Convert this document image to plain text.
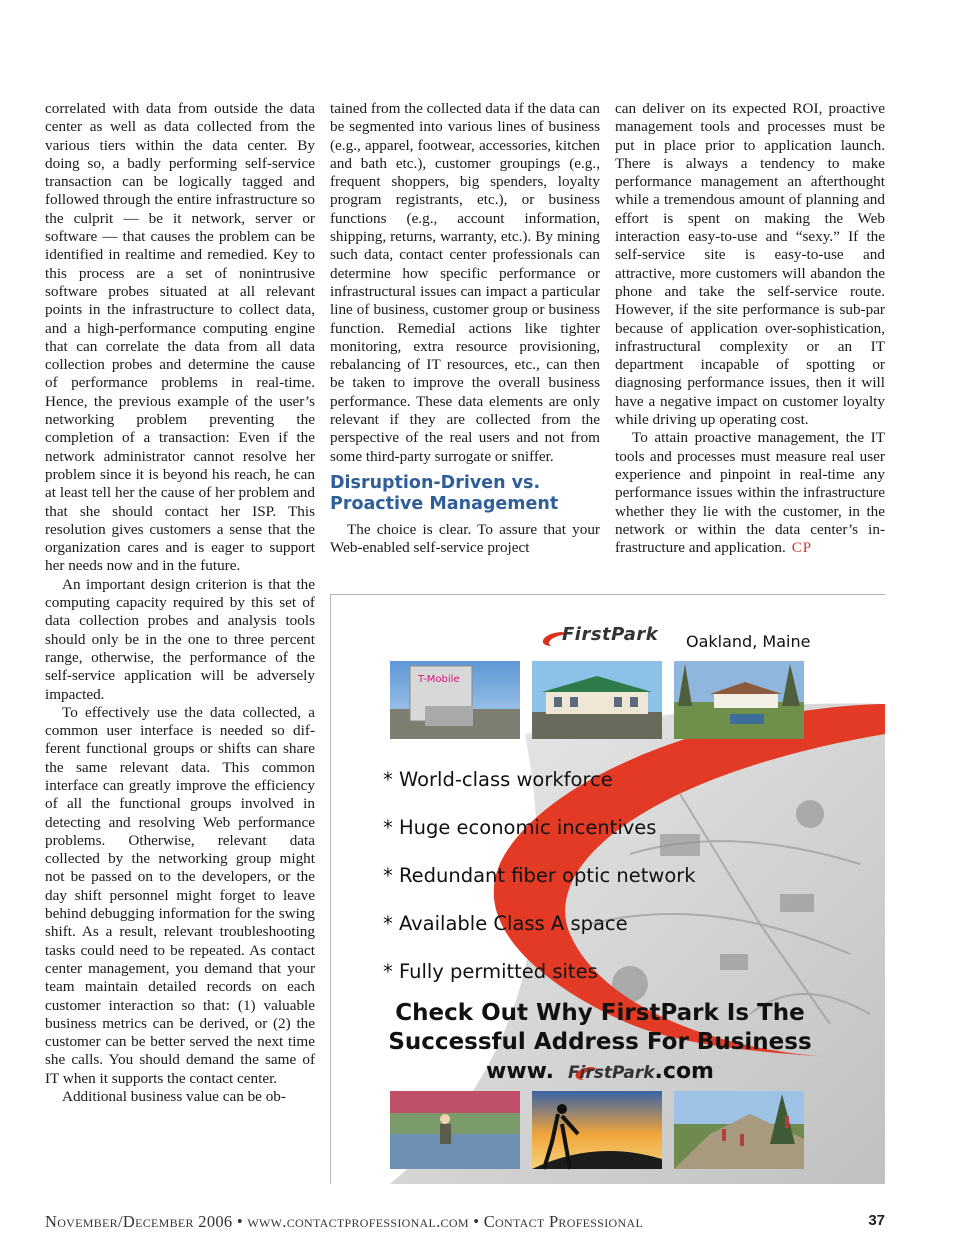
correlated with data from outside the data center as well as data collected from the various tiers within the data center. By doing so, a badly performing self-service transaction can be logically tagged and followed through the entire infrastructure so the culprit — be it network, server or software — that causes the problem can be identified in realtime and remedied. Key to this process are a set of nonintrusive software probes situated at all relevant points in the infrastructure to collect data, and a high-performance computing engine that can correlate the data from all data collection probes and determine the cause of performance problems in real-time. Hence, the previous example of the user’s networking problem preventing the completion of a transaction: Even if the network administrator cannot resolve her problem since it is beyond his reach, he can at least tell her the cause of her problem and that she should contact her ISP. This resolution gives customers a sense that the organization cares and is eager to support her needs now and in the future.

An important design criterion is that the computing capacity required by this set of data collection probes and analysis tools should only be in the one to three percent range, otherwise, the performance of the self-service application will be adversely impacted.

To effectively use the data collected, a common user interface is needed so different functional groups or shifts can share the same relevant data. This common interface can greatly improve the efficiency of all the functional groups involved in detecting and resolving Web performance problems. Otherwise, relevant data collected by the networking group might not be passed on to the developers, or the day shift personnel might forget to leave behind debugging information for the swing shift. As a result, relevant troubleshooting tasks could need to be repeated. As contact center management, you demand that your team maintain detailed records on each customer interaction so that: (1) valuable business metrics can be derived, or (2) the customer can be better served the next time she calls. You should demand the same of IT when it supports the contact center.

Additional business value can be ob-

tained from the collected data if the data can be segmented into various lines of business (e.g., apparel, footwear, accessories, kitchen and bath etc.), customer groupings (e.g., frequent shoppers, big spenders, loyalty program registrants, etc.), or business functions (e.g., account information, shipping, returns, warranty, etc.). By mining such data, contact center professionals can determine how specific performance or infrastructural issues can impact a particular line of business, customer group or business function. Remedial actions like tighter monitoring, extra resource provisioning, rebalancing of IT resources, etc., can then be taken to improve the overall business performance. These data elements are only relevant if they are collected from the perspective of the real users and not from some third-party surrogate or sniffer.

Disruption-Driven vs. Proactive Management

The choice is clear. To assure that your Web-enabled self-service project

can deliver on its expected ROI, proactive management tools and processes must be put in place prior to application launch. There is always a tendency to make performance management an afterthought while a tremendous amount of planning and effort is spent on making the Web interaction easy-to-use and “sexy.” If the self-service site is easy-to-use and attractive, more customers will abandon the phone and take the self-service route. However, if the site performance is sub-par because of application over-sophistication, infrastructural complexity or an IT department incapable of spotting or diagnosing performance issues, then it will have a negative impact on customer loyalty while driving up operating cost.

To attain proactive management, the IT tools and processes must measure real user experience and pinpoint in real-time any performance issues within the infrastructure whether they lie with the customer, in the network or within the data center’s infrastructure and application. CP

T-Mobile
FirstPark Oakland, Maine
* World-class workforce
* Huge economic incentives
* Redundant fiber optic network
* Available Class A space
* Fully permitted sites
Check Out Why FirstPark Is The
Successful Address For Business
www. FirstPark.com
November/December 2006 • www.contactprofessional.com • Contact Professional	37
